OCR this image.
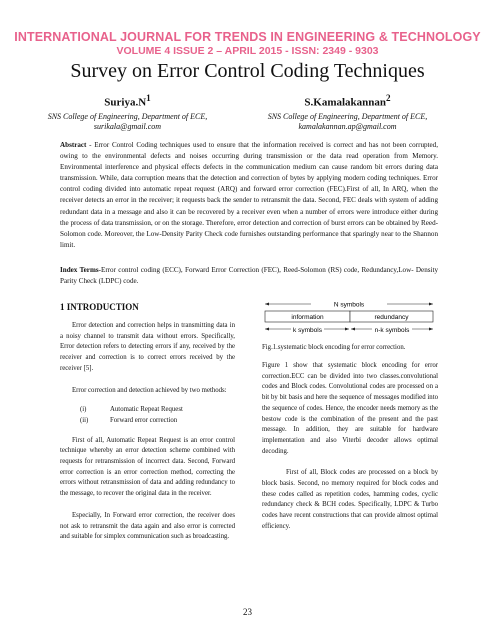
INTERNATIONAL JOURNAL FOR TRENDS IN ENGINEERING & TECHNOLOGY
VOLUME 4 ISSUE 2 – APRIL 2015 - ISSN: 2349 - 9303
Survey on Error Control Coding Techniques
$Suriya.N^1$
SNS College of Engineering, Department of ECE,
surikala@gmail.com
S.Kamalakannan$^2$
SNS College of Engineering, Department of ECE,
kamalakannan.ap@gmail.com
Abstract - Error Control Coding techniques used to ensure that the information received is correct and has not been corrupted, owing to the environmental defects and noises occurring during transmission or the data read operation from Memory. Environmental interference and physical effects defects in the communication medium can cause random bit errors during data transmission. While, data corruption means that the detection and correction of bytes by applying modern coding techniques. Error control coding divided into automatic repeat request (ARQ) and forward error correction (FEC).First of all, In ARQ, when the receiver detects an error in the receiver; it requests back the sender to retransmit the data. Second, FEC deals with system of adding redundant data in a message and also it can be recovered by a receiver even when a number of errors were introduce either during the process of data transmission, or on the storage. Therefore, error detection and correction of burst errors can be obtained by Reed-Solomon code. Moreover, the Low-Density Parity Check code furnishes outstanding performance that sparingly near to the Shannon limit.
Index Terms-Error control coding (ECC), Forward Error Correction (FEC), Reed-Solomon (RS) code, Redundancy,Low- Density Parity Check (LDPC) code.
1 INTRODUCTION

Error detection and correction helps in transmitting data in a noisy channel to transmit data without errors. Specifically, Error detection refers to detecting errors if any, received by the receiver and correction is to correct errors received by the receiver [5].

Error correction and detection achieved by two methods:

(i)	Automatic Repeat Request
(ii)	Forward error correction

First of all, Automatic Repeat Request is an error control technique whereby an error detection scheme combined with requests for retransmission of incorrect data. Second, Forward error correction is an error correction method, correcting the errors without retransmission of data and adding redundancy to the message, to recover the original data in the receiver.

Especially, In Forward error correction, the receiver does not ask to retransmit the data again and also error is corrected and suitable for simplex communication such as broadcasting.

N symbols
information	redundancy
k symbols	n-k symbols
Fig.1.systematic block encoding for error correction.

Figure 1 show that systematic block encoding for error correction.ECC can be divided into two classes.convolutional codes and Block codes. Convolutional codes are processed on a bit by bit basis and here the sequence of messages modified into the sequence of codes. Hence, the encoder needs memory as the bestow code is the combination of the present and the past message. In addition, they are suitable for hardware implementation and also Viterbi decoder allows optimal decoding.

First of all, Block codes are processed on a block by block basis. Second, no memory required for block codes and these codes called as repetition codes, hamming codes, cyclic redundancy check & BCH codes. Specifically, LDPC & Turbo codes have recent constructions that can provide almost optimal efficiency.

23
